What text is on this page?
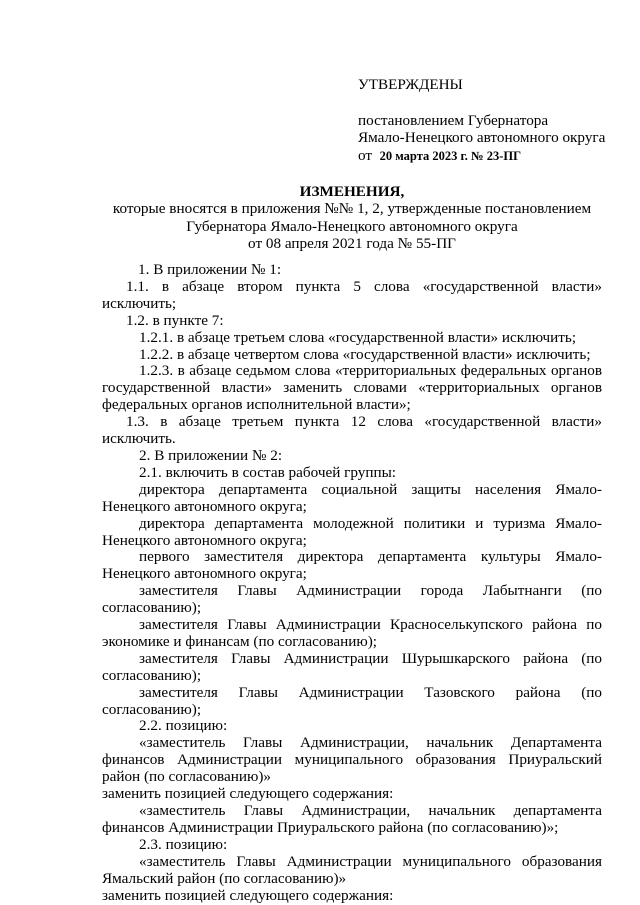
УТВЕРЖДЕНЫ
постановлением Губернатора
Ямало-Ненецкого автономного округа
от 20 марта 2023 г. № 23-ПГ
ИЗМЕНЕНИЯ,
которые вносятся в приложения №№ 1, 2, утвержденные постановлением
Губернатора Ямало-Ненецкого автономного округа
от 08 апреля 2021 года № 55-ПГ

1. В приложении № 1:

1.1. в абзаце втором пункта 5 слова «государственной власти» исключить;

1.2. в пункте 7:

1.2.1. в абзаце третьем слова «государственной власти» исключить;

1.2.2. в абзаце четвертом слова «государственной власти» исключить;

1.2.3. в абзаце седьмом слова «территориальных федеральных органов государственной власти» заменить словами «территориальных органов федеральных органов исполнительной власти»;

1.3. в абзаце третьем пункта 12 слова «государственной власти» исключить.

2. В приложении № 2:

2.1. включить в состав рабочей группы:

директора департамента социальной защиты населения Ямало-Ненецкого автономного округа;

директора департамента молодежной политики и туризма Ямало-Ненецкого автономного округа;

первого заместителя директора департамента культуры Ямало-Ненецкого автономного округа;

заместителя Главы Администрации города Лабытнанги (по согласованию);

заместителя Главы Администрации Красноселькупского района по экономике и финансам (по согласованию);

заместителя Главы Администрации Шурышкарского района (по согласованию);

заместителя Главы Администрации Тазовского района (по согласованию);

2.2. позицию:

«заместитель Главы Администрации, начальник Департамента финансов Администрации муниципального образования Приуральский район (по согласованию)»

заменить позицией следующего содержания:

«заместитель Главы Администрации, начальник департамента финансов Администрации Приуральского района (по согласованию)»;

2.3. позицию:

«заместитель Главы Администрации муниципального образования Ямальский район (по согласованию)»

заменить позицией следующего содержания:
